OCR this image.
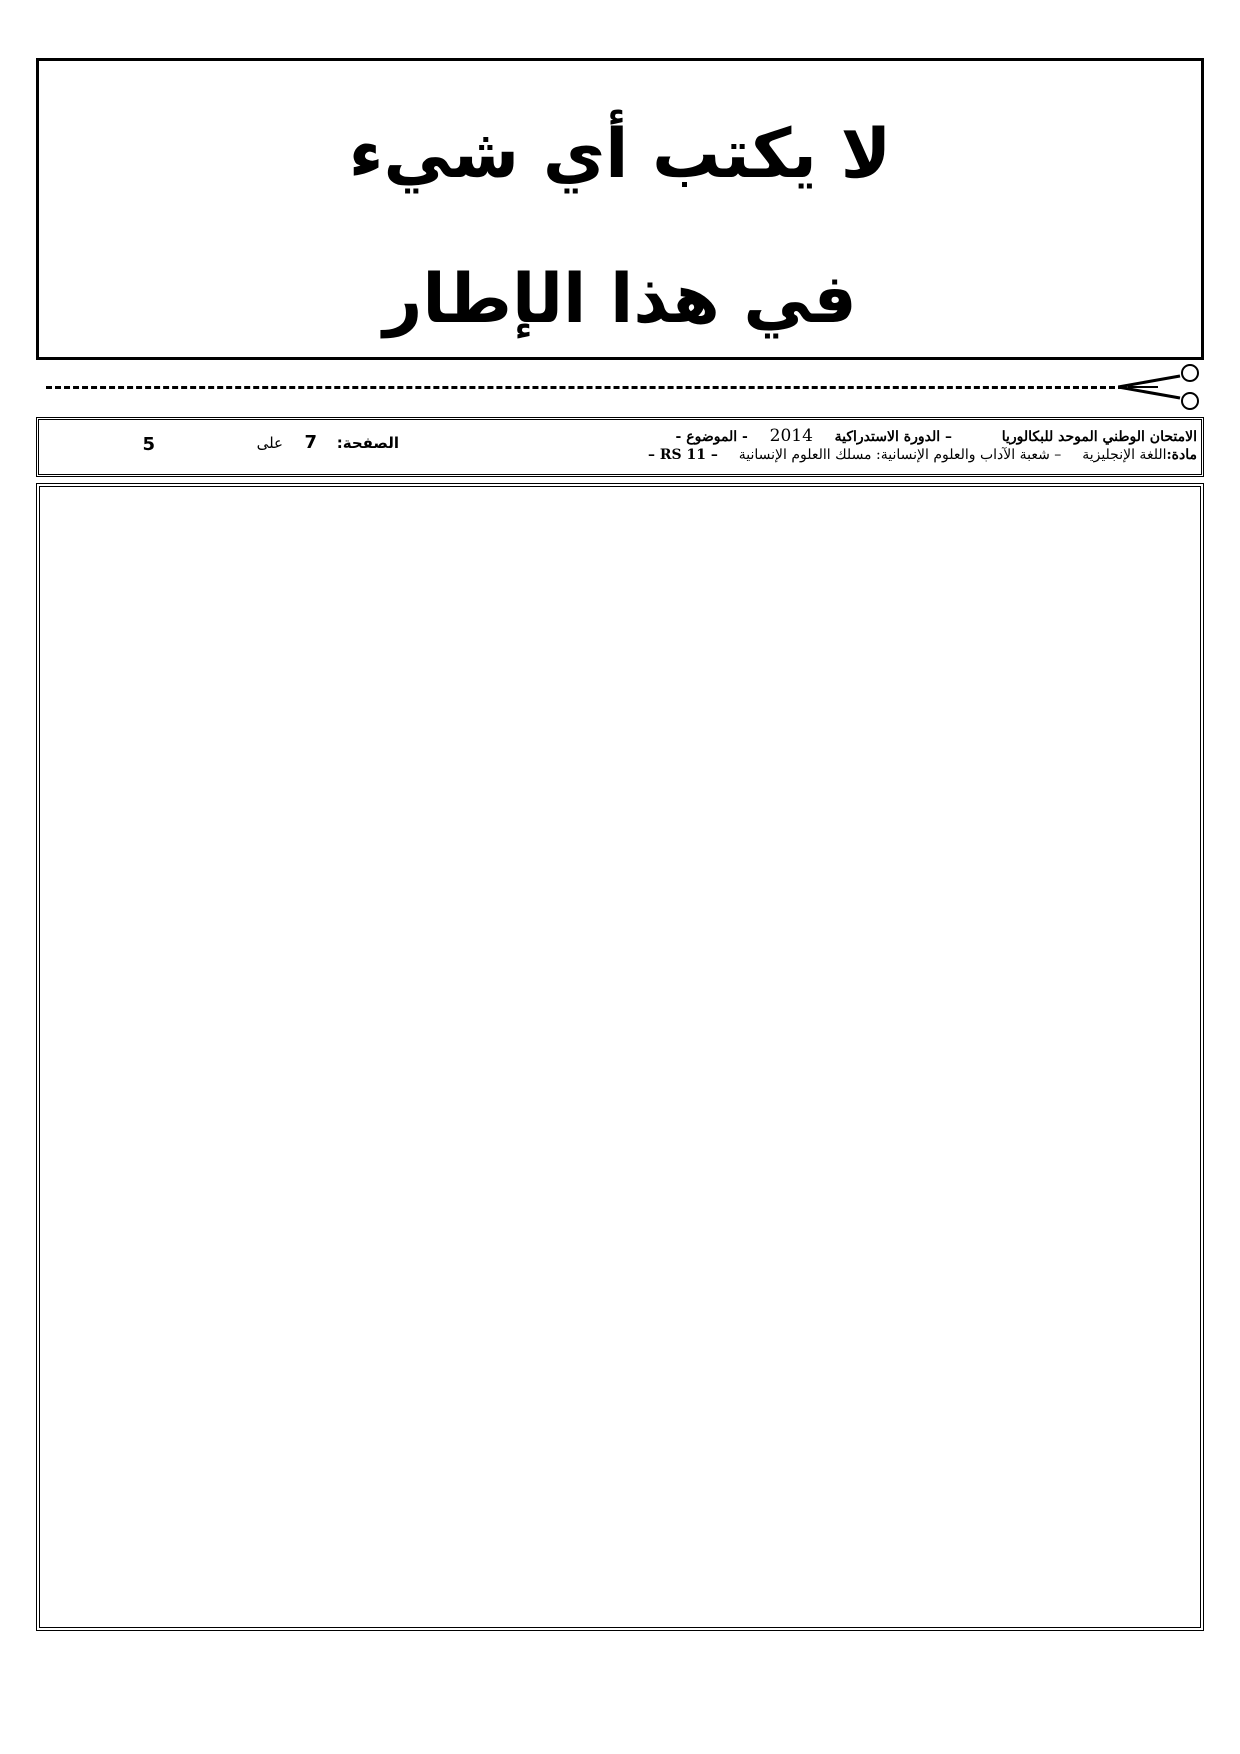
لا يكتب أي شيء
في هذا الإطار
الامتحان الوطني الموحد للبكالوريا  – الدورة الاستدراكية  2014  - الموضوع -
مادة:اللغة الإنجليزية  – شعبة الآداب والعلوم الإنسانية: مسلك االعلوم الإنسانية  – RS 11 –
الصفحة:
7
على
5
